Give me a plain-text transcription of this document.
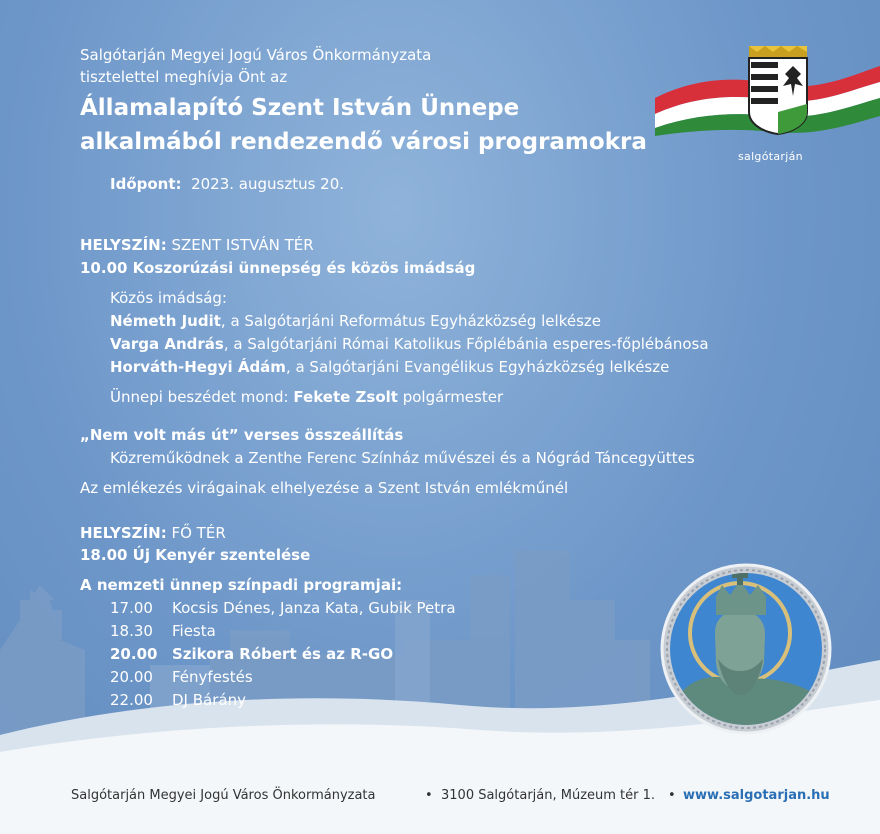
salgótarján
Salgótarján Megyei Jogú Város Önkormányzata
tisztelettel meghívja Önt az
Államalapító Szent István Ünnepe
alkalmából rendezendő városi programokra
Időpont: 2023. augusztus 20.
HELYSZÍN: SZENT ISTVÁN TÉR
10.00 Koszorúzási ünnepség és közös imádság
Közös imádság:
Németh Judit, a Salgótarjáni Református Egyházközség lelkésze
Varga András, a Salgótarjáni Római Katolikus Főplébánia esperes-főplébánosa
Horváth-Hegyi Ádám, a Salgótarjáni Evangélikus Egyházközség lelkésze
Ünnepi beszédet mond: Fekete Zsolt polgármester
„Nem volt más út” verses összeállítás
Közreműködnek a Zenthe Ferenc Színház művészei és a Nógrád Táncegyüttes
Az emlékezés virágainak elhelyezése a Szent István emlékműnél
HELYSZÍN: FŐ TÉR
18.00 Új Kenyér szentelése
A nemzeti ünnep színpadi programjai:
17.00 Kocsis Dénes, Janza Kata, Gubik Petra
18.30 Fiesta
20.00 Szikora Róbert és az R-GO
20.00 Fényfestés
22.00 DJ Bárány
Salgótarján Megyei Jogú Város Önkormányzata	• 3100 Salgótarján, Múzeum tér 1. • www.salgotarjan.hu
